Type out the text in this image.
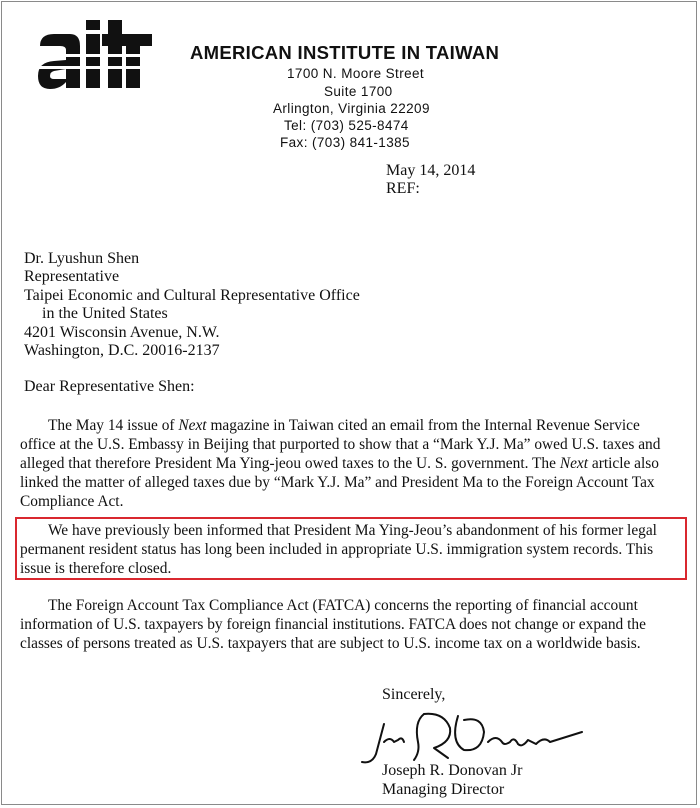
AMERICAN INSTITUTE IN TAIWAN
1700 N. Moore Street
Suite 1700
Arlington, Virginia 22209
Tel: (703) 525-8474
Fax: (703) 841-1385
May 14, 2014
REF:
Dr. Lyushun Shen
Representative
Taipei Economic and Cultural Representative Office
in the United States
4201 Wisconsin Avenue, N.W.
Washington, D.C. 20016-2137
Dear Representative Shen:
The May 14 issue of Next magazine in Taiwan cited an email from the Internal Revenue Service
office at the U.S. Embassy in Beijing that purported to show that a “Mark Y.J. Ma” owed U.S. taxes and
alleged that therefore President Ma Ying-jeou owed taxes to the U. S. government. The Next article also
linked the matter of alleged taxes due by “Mark Y.J. Ma” and President Ma to the Foreign Account Tax
Compliance Act.
We have previously been informed that President Ma Ying-Jeou’s abandonment of his former legal
permanent resident status has long been included in appropriate U.S. immigration system records. This
issue is therefore closed.
The Foreign Account Tax Compliance Act (FATCA) concerns the reporting of financial account
information of U.S. taxpayers by foreign financial institutions. FATCA does not change or expand the
classes of persons treated as U.S. taxpayers that are subject to U.S. income tax on a worldwide basis.
Sincerely,
Joseph R. Donovan Jr
Managing Director
